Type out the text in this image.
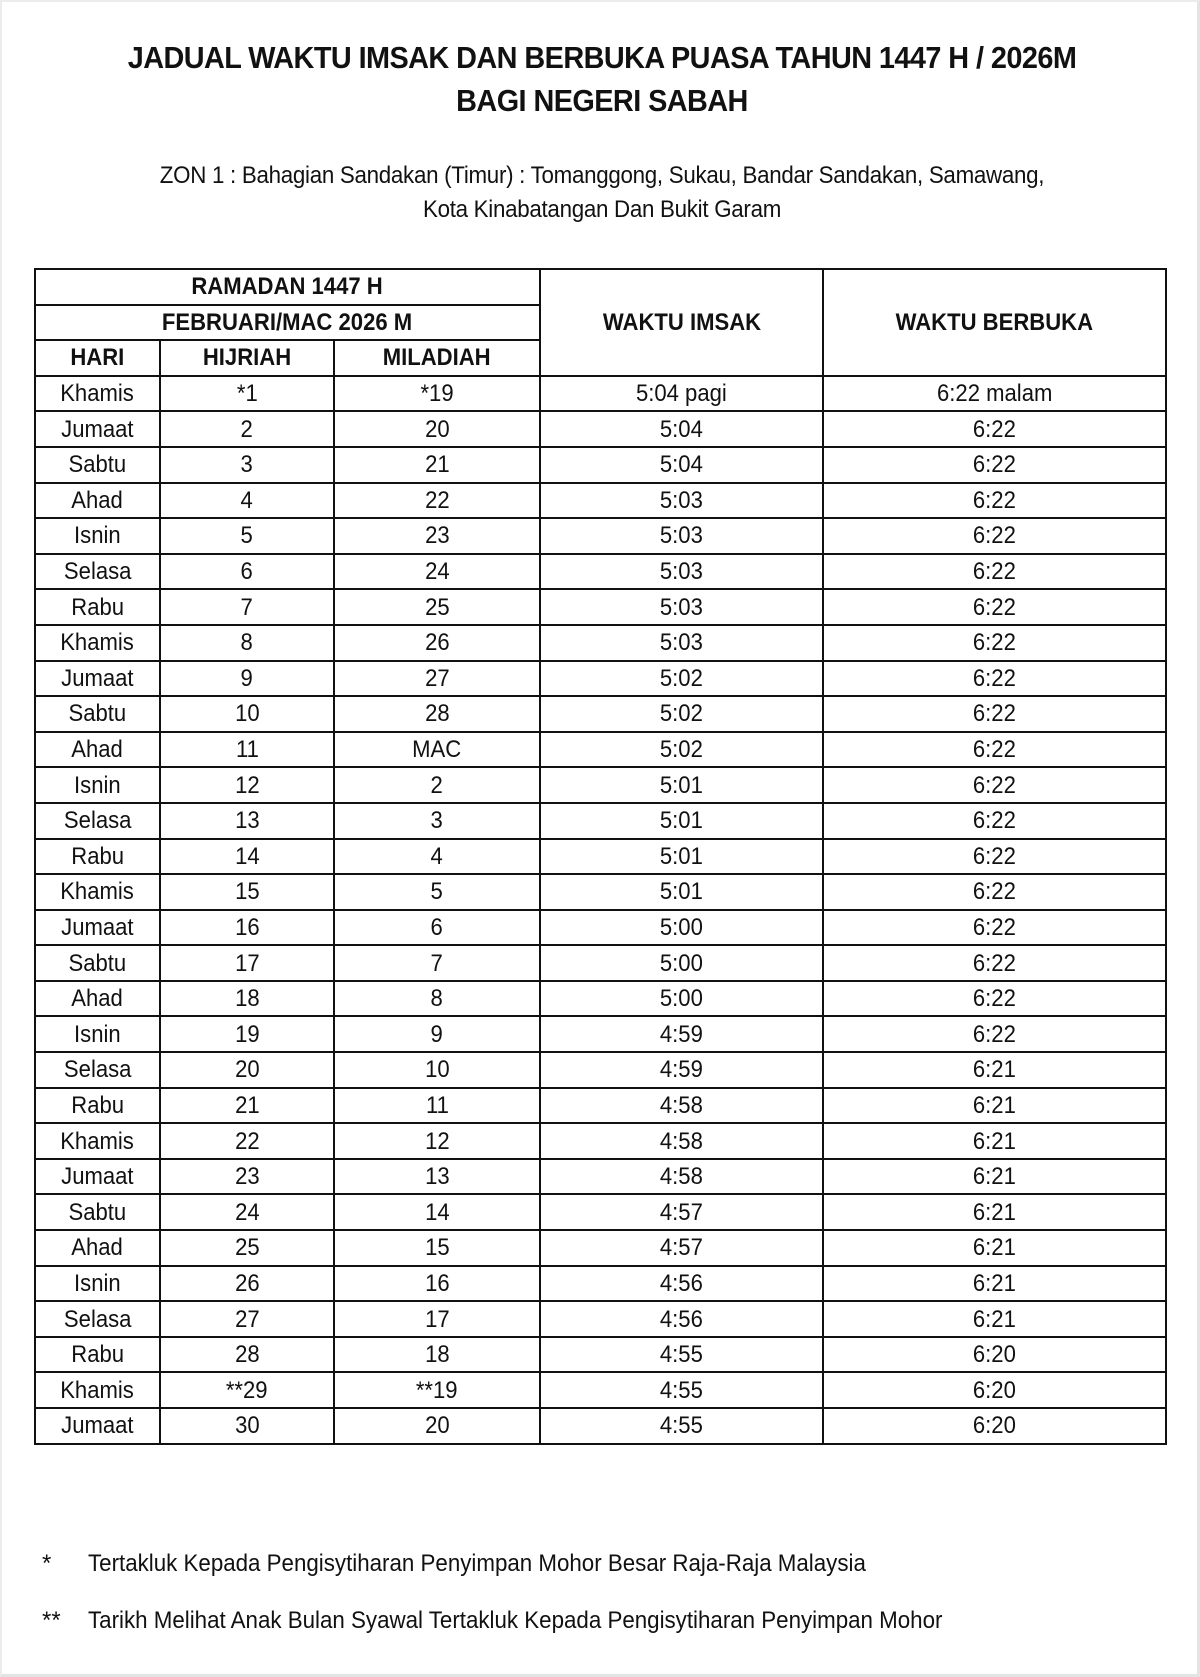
JADUAL WAKTU IMSAK DAN BERBUKA PUASA TAHUN 1447 H / 2026M
BAGI NEGERI SABAH
ZON 1 : Bahagian Sandakan (Timur) : Tomanggong, Sukau, Bandar Sandakan, Samawang,
Kota Kinabatangan Dan Bukit Garam
RAMADAN 1447 H			WAKTU IMSAK	WAKTU BERBUKA
FEBRUARI/MAC 2026 M				
HARI	HIJRIAH	MILADIAH		
Khamis	*1	*19	5:04 pagi	6:22 malam
Jumaat	2	20	5:04	6:22
Sabtu	3	21	5:04	6:22
Ahad	4	22	5:03	6:22
Isnin	5	23	5:03	6:22
Selasa	6	24	5:03	6:22
Rabu	7	25	5:03	6:22
Khamis	8	26	5:03	6:22
Jumaat	9	27	5:02	6:22
Sabtu	10	28	5:02	6:22
Ahad	11	MAC	5:02	6:22
Isnin	12	2	5:01	6:22
Selasa	13	3	5:01	6:22
Rabu	14	4	5:01	6:22
Khamis	15	5	5:01	6:22
Jumaat	16	6	5:00	6:22
Sabtu	17	7	5:00	6:22
Ahad	18	8	5:00	6:22
Isnin	19	9	4:59	6:22
Selasa	20	10	4:59	6:21
Rabu	21	11	4:58	6:21
Khamis	22	12	4:58	6:21
Jumaat	23	13	4:58	6:21
Sabtu	24	14	4:57	6:21
Ahad	25	15	4:57	6:21
Isnin	26	16	4:56	6:21
Selasa	27	17	4:56	6:21
Rabu	28	18	4:55	6:20
Khamis	**29	**19	4:55	6:20
Jumaat	30	20	4:55	6:20
* Tertakluk Kepada Pengisytiharan Penyimpan Mohor Besar Raja-Raja Malaysia
** Tarikh Melihat Anak Bulan Syawal Tertakluk Kepada Pengisytiharan Penyimpan Mohor
